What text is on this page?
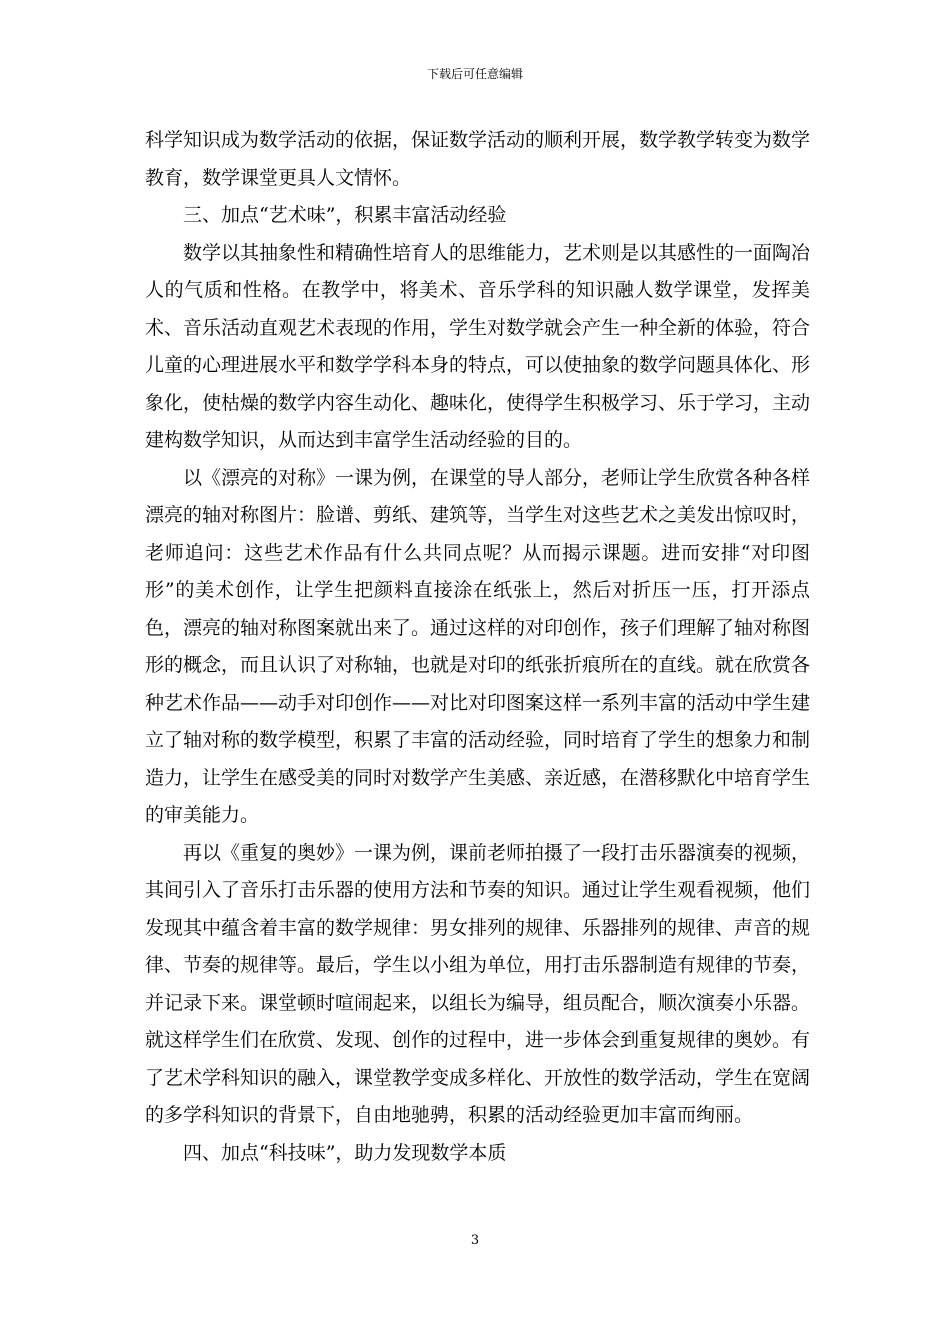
下载后可任意编辑

科学知识成为数学活动的依据，保证数学活动的顺利开展，数学教学转变为数学教育，数学课堂更具人文情怀。

三、加点“艺术味”，积累丰富活动经验

数学以其抽象性和精确性培育人的思维能力，艺术则是以其感性的一面陶冶人的气质和性格。在教学中，将美术、音乐学科的知识融人数学课堂，发挥美术、音乐活动直观艺术表现的作用，学生对数学就会产生一种全新的体验，符合儿童的心理进展水平和数学学科本身的特点，可以使抽象的数学问题具体化、形象化，使枯燥的数学内容生动化、趣味化，使得学生积极学习、乐于学习，主动建构数学知识，从而达到丰富学生活动经验的目的。

以《漂亮的对称》一课为例，在课堂的导人部分，老师让学生欣赏各种各样漂亮的轴对称图片：脸谱、剪纸、建筑等，当学生对这些艺术之美发出惊叹时，老师追问：这些艺术作品有什么共同点呢？从而揭示课题。进而安排“对印图形”的美术创作，让学生把颜料直接涂在纸张上，然后对折压一压，打开添点色，漂亮的轴对称图案就出来了。通过这样的对印创作，孩子们理解了轴对称图形的概念，而且认识了对称轴，也就是对印的纸张折痕所在的直线。就在欣赏各种艺术作品——动手对印创作——对比对印图案这样一系列丰富的活动中学生建立了轴对称的数学模型，积累了丰富的活动经验，同时培育了学生的想象力和制造力，让学生在感受美的同时对数学产生美感、亲近感，在潜移默化中培育学生的审美能力。

再以《重复的奥妙》一课为例，课前老师拍摄了一段打击乐器演奏的视频，其间引入了音乐打击乐器的使用方法和节奏的知识。通过让学生观看视频，他们发现其中蕴含着丰富的数学规律：男女排列的规律、乐器排列的规律、声音的规律、节奏的规律等。最后，学生以小组为单位，用打击乐器制造有规律的节奏，并记录下来。课堂顿时喧闹起来，以组长为编导，组员配合，顺次演奏小乐器。就这样学生们在欣赏、发现、创作的过程中，进一步体会到重复规律的奥妙。有了艺术学科知识的融入，课堂教学变成多样化、开放性的数学活动，学生在宽阔的多学科知识的背景下，自由地驰骋，积累的活动经验更加丰富而绚丽。

四、加点“科技味”，助力发现数学本质

3
